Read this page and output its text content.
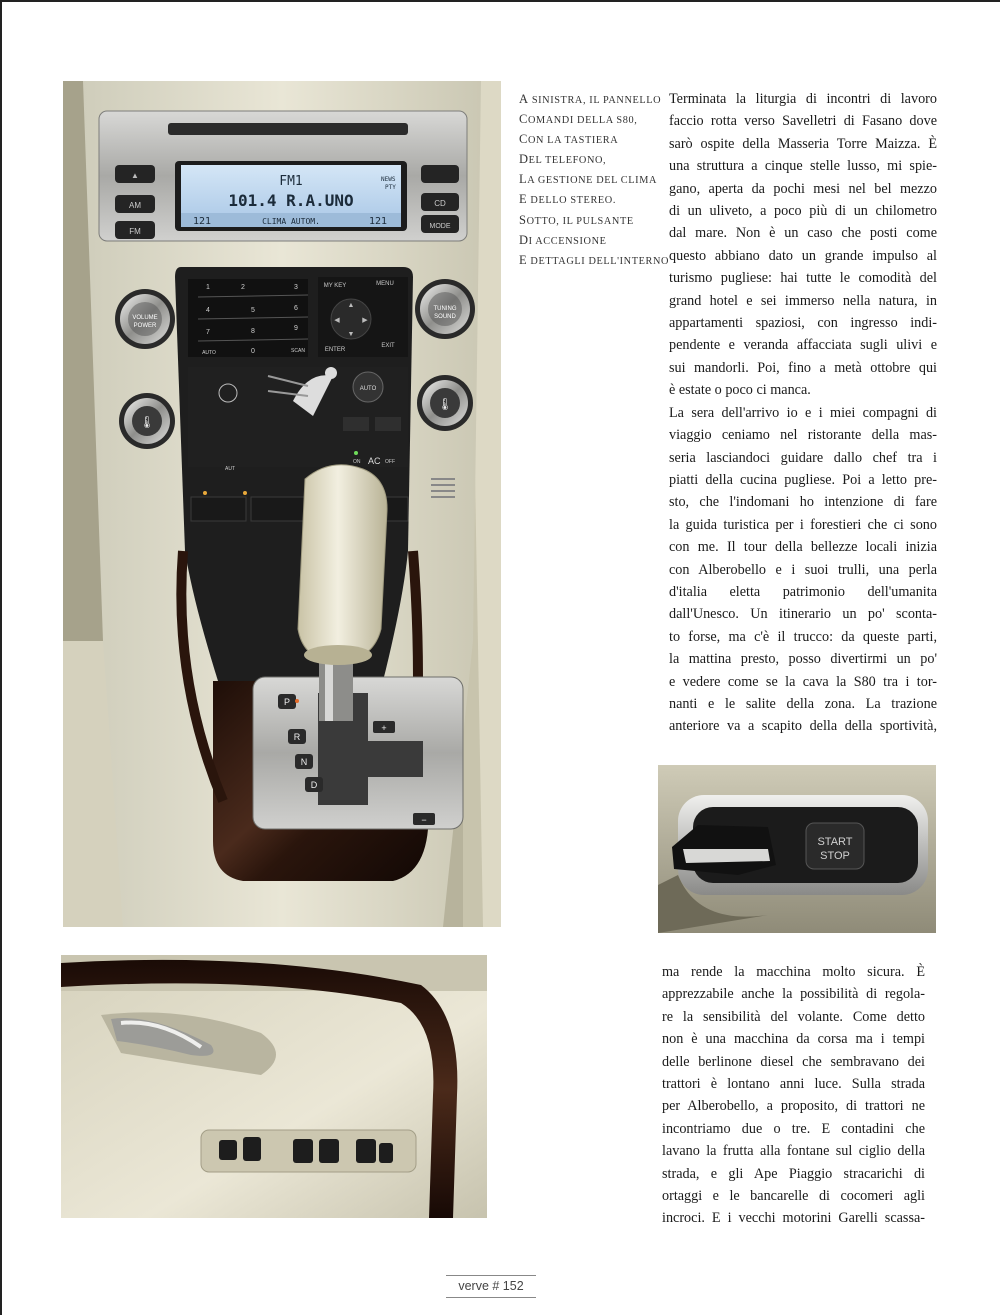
FM1
101.4 R.A.UNO
NEWS
PTY
121	CLIMA AUTOM.	121
▲
AM
FM
CD
MODE
1	2	3
4	5	6
7	8	9
AUTO	0	SCAN
MY KEY	MENU
▲
▼
◀	▶
ENTER
EXIT
VOLUME
POWER
TUNING
SOUND
🌡
🌡
AUTO
AUT
ON AC OFF
P
R
N
D
+
−
START
STOP
A SINISTRA, IL PANNELLO
COMANDI DELLA S80,
CON LA TASTIERA
DEL TELEFONO,
LA GESTIONE DEL CLIMA
E DELLO STEREO.
SOTTO, IL PULSANTE
DI ACCENSIONE
E DETTAGLI DELL'INTERNO
Terminata la liturgia di incontri di lavoro
faccio rotta verso Savelletri di Fasano dove
sarò ospite della Masseria Torre Maizza. È
una struttura a cinque stelle lusso, mi spie-
gano, aperta da pochi mesi nel bel mezzo
di un uliveto, a poco più di un chilometro
dal mare. Non è un caso che posti come
questo abbiano dato un grande impulso al
turismo pugliese: hai tutte le comodità del
grand hotel e sei immerso nella natura, in
appartamenti spaziosi, con ingresso indi-
pendente e veranda affacciata sugli ulivi e
sui mandorli. Poi, fino a metà ottobre qui
è estate o poco ci manca.
La sera dell'arrivo io e i miei compagni di
viaggio ceniamo nel ristorante della mas-
seria lasciandoci guidare dallo chef tra i
piatti della cucina pugliese. Poi a letto pre-
sto, che l'indomani ho intenzione di fare
la guida turistica per i forestieri che ci sono
con me. Il tour della bellezze locali inizia
con Alberobello e i suoi trulli, una perla
d'italia eletta patrimonio dell'umanita
dall'Unesco. Un itinerario un po' sconta-
to forse, ma c'è il trucco: da queste parti,
la mattina presto, posso divertirmi un po'
e vedere come se la cava la S80 tra i tor-
nanti e le salite della zona. La trazione
anteriore va a scapito della della sportività,
ma rende la macchina molto sicura. È
apprezzabile anche la possibilità di regola-
re la sensibilità del volante. Come detto
non è una macchina da corsa ma i tempi
delle berlinone diesel che sembravano dei
trattori è lontano anni luce. Sulla strada
per Alberobello, a proposito, di trattori ne
incontriamo due o tre. E contadini che
lavano la frutta alla fontane sul ciglio della
strada, e gli Ape Piaggio stracarichi di
ortaggi e le bancarelle di cocomeri agli
incroci. E i vecchi motorini Garelli scassa-
verve # 152
